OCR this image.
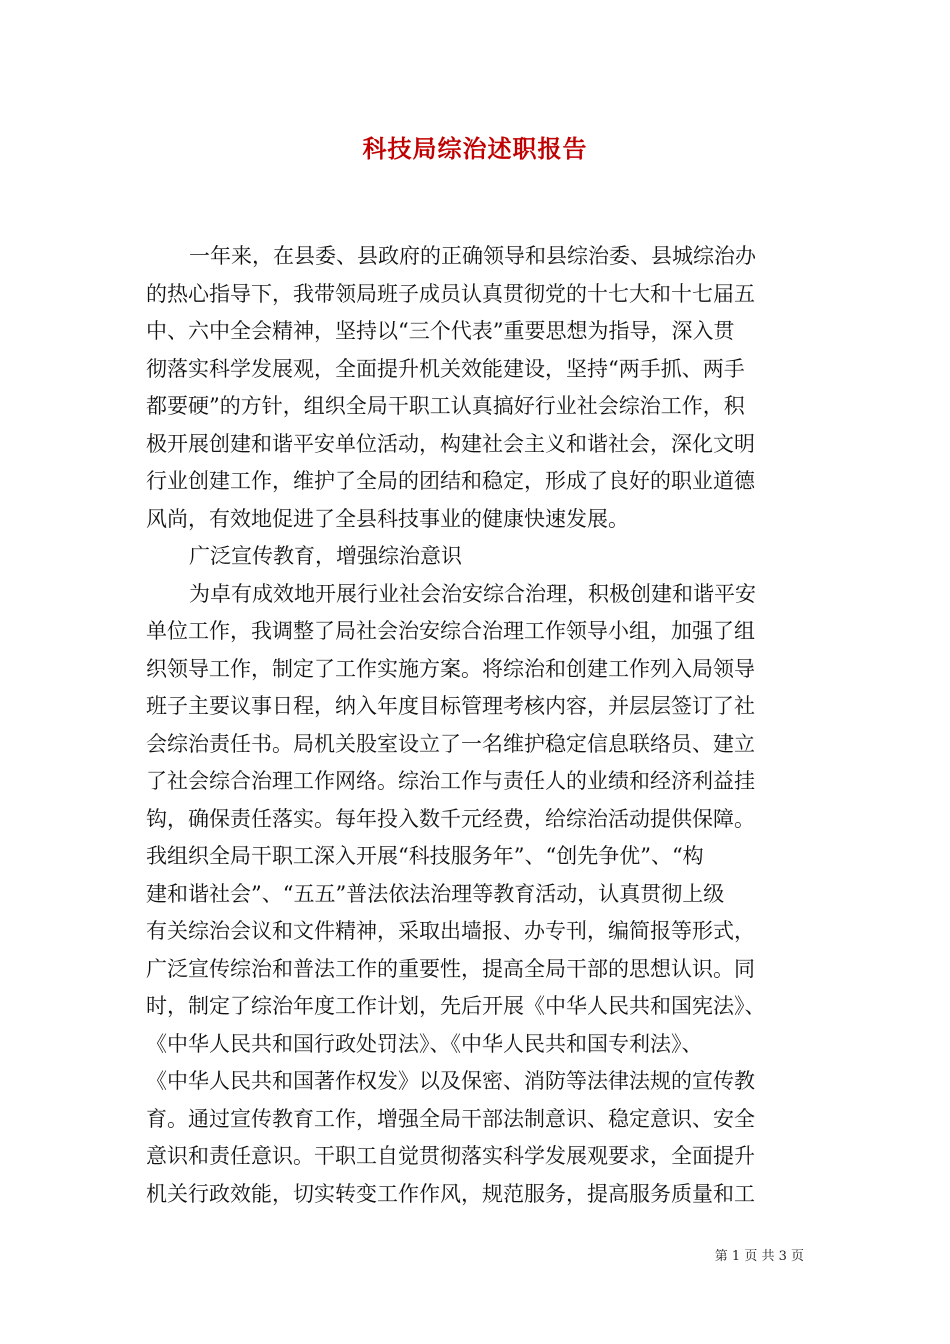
科技局综治述职报告
一年来，在县委、县政府的正确领导和县综治委、县城综治办
的热心指导下，我带领局班子成员认真贯彻党的十七大和十七届五
中、六中全会精神，坚持以“三个代表”重要思想为指导，深入贯
彻落实科学发展观，全面提升机关效能建设，坚持“两手抓、两手
都要硬”的方针，组织全局干职工认真搞好行业社会综治工作，积
极开展创建和谐平安单位活动，构建社会主义和谐社会，深化文明
行业创建工作，维护了全局的团结和稳定，形成了良好的职业道德
风尚，有效地促进了全县科技事业的健康快速发展。
广泛宣传教育，增强综治意识
为卓有成效地开展行业社会治安综合治理，积极创建和谐平安
单位工作，我调整了局社会治安综合治理工作领导小组，加强了组
织领导工作，制定了工作实施方案。将综治和创建工作列入局领导
班子主要议事日程，纳入年度目标管理考核内容，并层层签订了社
会综治责任书。局机关股室设立了一名维护稳定信息联络员、建立
了社会综合治理工作网络。综治工作与责任人的业绩和经济利益挂
钩，确保责任落实。每年投入数千元经费，给综治活动提供保障。
我组织全局干职工深入开展“科技服务年”、“创先争优”、“构
建和谐社会”、“五五”普法依法治理等教育活动，认真贯彻上级
有关综治会议和文件精神，采取出墙报、办专刊，编简报等形式，
广泛宣传综治和普法工作的重要性，提高全局干部的思想认识。同
时，制定了综治年度工作计划，先后开展《中华人民共和国宪法》、
《中华人民共和国行政处罚法》、《中华人民共和国专利法》、
《中华人民共和国著作权发》以及保密、消防等法律法规的宣传教
育。通过宣传教育工作，增强全局干部法制意识、稳定意识、安全
意识和责任意识。干职工自觉贯彻落实科学发展观要求，全面提升
机关行政效能，切实转变工作作风，规范服务，提高服务质量和工
第 1 页 共 3 页
